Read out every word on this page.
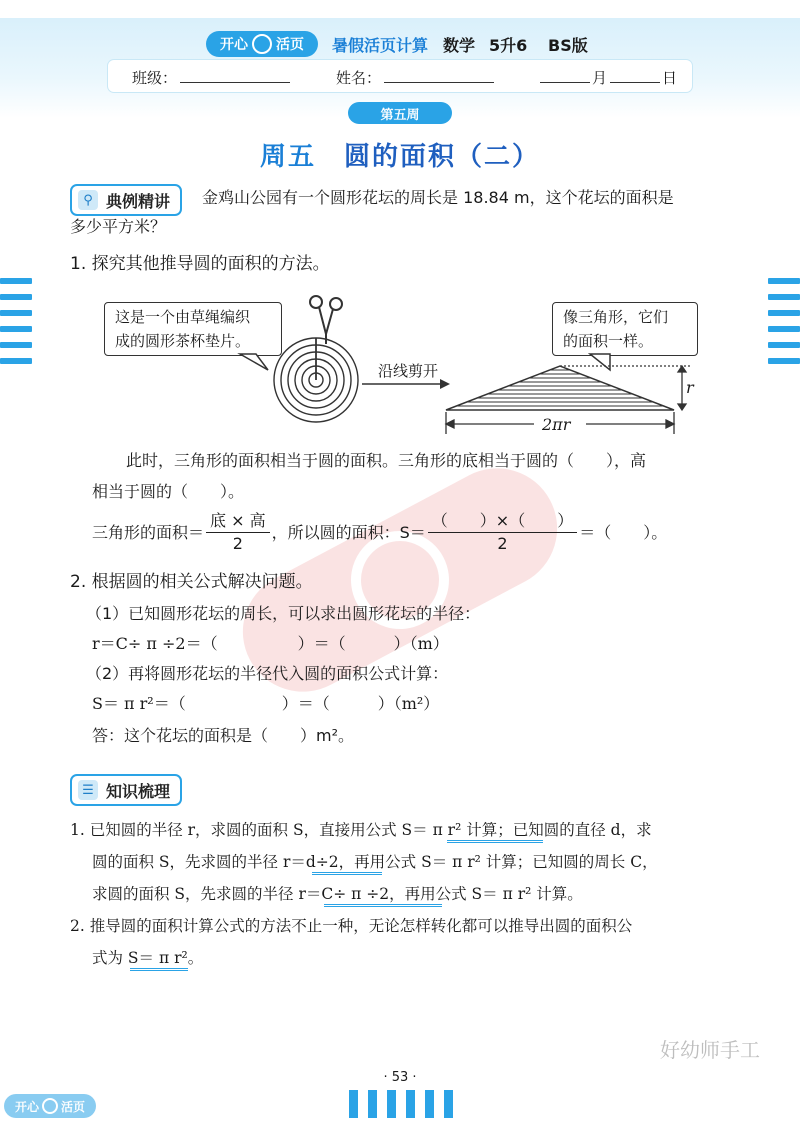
开心 活页 暑假活页计算 数学 5升6 BS版
班级：	姓名：	月	日
第五周
周五 圆的面积（二）
⚲ 典例精讲 金鸡山公园有一个圆形花坛的周长是 18.84 m，这个花坛的面积是
多少平方米？
1. 探究其他推导圆的面积的方法。
这是一个由草绳编织
成的圆形茶杯垫片。
像三角形，它们
的面积一样。
沿线剪开
r
2πr
此时，三角形的面积相当于圆的面积。三角形的底相当于圆的（　　），高
相当于圆的（　　）。
三角形的面积＝ $\frac{\text{底 × 高}}{2}$ ，所以圆的面积：$S= \frac{( )\times( )}{2}$ ＝（　　）。
2. 根据圆的相关公式解决问题。
（1）已知圆形花坛的周长，可以求出圆形花坛的半径：
r＝C÷ π ÷2＝（　　　　　）＝（　　　）（m）
（2）再将圆形花坛的半径代入圆的面积公式计算：
S＝ π r²＝（　　　　　　）＝（　　　）（m²）
答：这个花坛的面积是（　　）m²。
☰ 知识梳理
1. 已知圆的半径 r，求圆的面积 S，直接用公式 S＝ π r² 计算；已知圆的直径 d，求
圆的面积 S，先求圆的半径 r＝d÷2，再用公式 S＝ π r² 计算；已知圆的周长 C，
求圆的面积 S，先求圆的半径 r＝C÷ π ÷2，再用公式 S＝ π r² 计算。
2. 推导圆的面积计算公式的方法不止一种，无论怎样转化都可以推导出圆的面积公
式为 S＝ π r²。
好幼师手工
· 53 ·
开心 活页
